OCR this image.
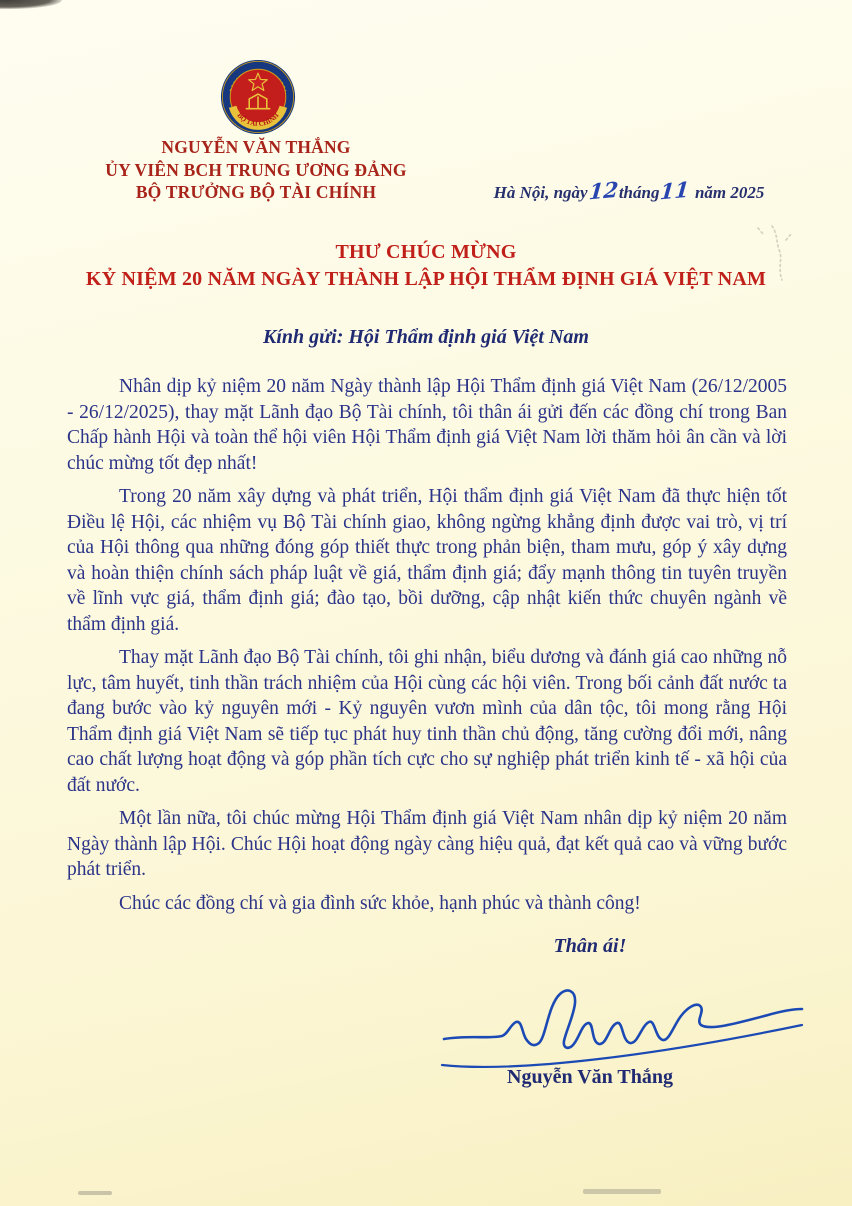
BỘ TÀI CHÍNH
NGUYỄN VĂN THẮNG
ỦY VIÊN BCH TRUNG ƯƠNG ĐẢNG
BỘ TRƯỞNG BỘ TÀI CHÍNH	Hà Nội, ngày12tháng11 năm 2025
THƯ CHÚC MỪNG
KỶ NIỆM 20 NĂM NGÀY THÀNH LẬP HỘI THẨM ĐỊNH GIÁ VIỆT NAM
Kính gửi: Hội Thẩm định giá Việt Nam

Nhân dịp kỷ niệm 20 năm Ngày thành lập Hội Thẩm định giá Việt Nam (26/12/2005 - 26/12/2025), thay mặt Lãnh đạo Bộ Tài chính, tôi thân ái gửi đến các đồng chí trong Ban Chấp hành Hội và toàn thể hội viên Hội Thẩm định giá Việt Nam lời thăm hỏi ân cần và lời chúc mừng tốt đẹp nhất!

Trong 20 năm xây dựng và phát triển, Hội thẩm định giá Việt Nam đã thực hiện tốt Điều lệ Hội, các nhiệm vụ Bộ Tài chính giao, không ngừng khẳng định được vai trò, vị trí của Hội thông qua những đóng góp thiết thực trong phản biện, tham mưu, góp ý xây dựng và hoàn thiện chính sách pháp luật về giá, thẩm định giá; đẩy mạnh thông tin tuyên truyền về lĩnh vực giá, thẩm định giá; đào tạo, bồi dưỡng, cập nhật kiến thức chuyên ngành về thẩm định giá.

Thay mặt Lãnh đạo Bộ Tài chính, tôi ghi nhận, biểu dương và đánh giá cao những nỗ lực, tâm huyết, tinh thần trách nhiệm của Hội cùng các hội viên. Trong bối cảnh đất nước ta đang bước vào kỷ nguyên mới - Kỷ nguyên vươn mình của dân tộc, tôi mong rằng Hội Thẩm định giá Việt Nam sẽ tiếp tục phát huy tinh thần chủ động, tăng cường đổi mới, nâng cao chất lượng hoạt động và góp phần tích cực cho sự nghiệp phát triển kinh tế - xã hội của đất nước.

Một lần nữa, tôi chúc mừng Hội Thẩm định giá Việt Nam nhân dịp kỷ niệm 20 năm Ngày thành lập Hội. Chúc Hội hoạt động ngày càng hiệu quả, đạt kết quả cao và vững bước phát triển.

Chúc các đồng chí và gia đình sức khỏe, hạnh phúc và thành công!

Thân ái!
Nguyễn Văn Thắng
